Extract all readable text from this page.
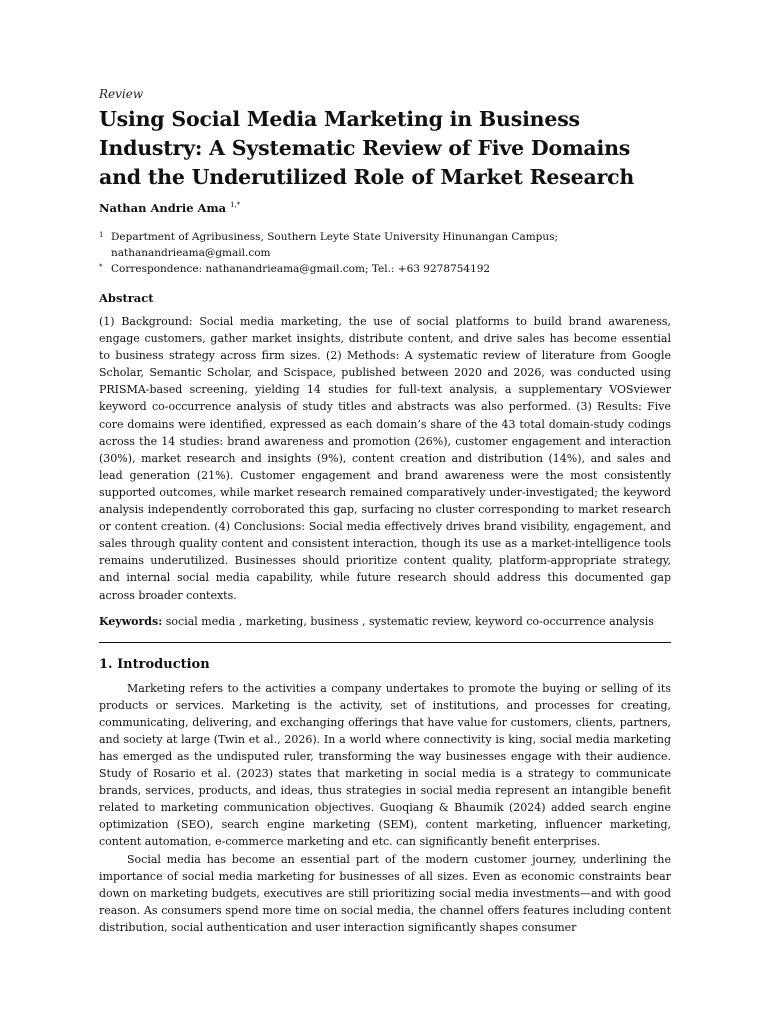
Review

Using Social Media Marketing in Business Industry: A Systematic Review of Five Domains and the Underutilized Role of Market Research

Nathan Andrie Ama $^{1,*}$

1 Department of Agribusiness, Southern Leyte State University Hinunangan Campus; nathanandrieama@gmail.com
* Correspondence: nathanandrieama@gmail.com; Tel.: +63 9278754192

Abstract

(1) Background: Social media marketing, the use of social platforms to build brand awareness, engage customers, gather market insights, distribute content, and drive sales has become essential to business strategy across firm sizes. (2) Methods: A systematic review of literature from Google Scholar, Semantic Scholar, and Scispace, published between 2020 and 2026, was conducted using PRISMA-based screening, yielding 14 studies for full-text analysis, a supplementary VOSviewer keyword co-occurrence analysis of study titles and abstracts was also performed. (3) Results: Five core domains were identified, expressed as each domain’s share of the 43 total domain-study codings across the 14 studies: brand awareness and promotion (26%), customer engagement and interaction (30%), market research and insights (9%), content creation and distribution (14%), and sales and lead generation (21%). Customer engagement and brand awareness were the most consistently supported outcomes, while market research remained comparatively under-investigated; the keyword analysis independently corroborated this gap, surfacing no cluster corresponding to market research or content creation. (4) Conclusions: Social media effectively drives brand visibility, engagement, and sales through quality content and consistent interaction, though its use as a market-intelligence tools remains underutilized. Businesses should prioritize content quality, platform-appropriate strategy, and internal social media capability, while future research should address this documented gap across broader contexts.

Keywords: social media , marketing, business , systematic review, keyword co-occurrence analysis

1. Introduction

Marketing refers to the activities a company undertakes to promote the buying or selling of its products or services. Marketing is the activity, set of institutions, and processes for creating, communicating, delivering, and exchanging offerings that have value for customers, clients, partners, and society at large (Twin et al., 2026). In a world where connectivity is king, social media marketing has emerged as the undisputed ruler, transforming the way businesses engage with their audience. Study of Rosario et al. (2023) states that marketing in social media is a strategy to communicate brands, services, products, and ideas, thus strategies in social media represent an intangible benefit related to marketing communication objectives. Guoqiang & Bhaumik (2024) added search engine optimization (SEO), search engine marketing (SEM), content marketing, influencer marketing, content automation, e-commerce marketing and etc. can significantly benefit enterprises.

Social media has become an essential part of the modern customer journey, underlining the importance of social media marketing for businesses of all sizes. Even as economic constraints bear down on marketing budgets, executives are still prioritizing social media investments—and with good reason. As consumers spend more time on social media, the channel offers features including content distribution, social authentication and user interaction significantly shapes consumer
